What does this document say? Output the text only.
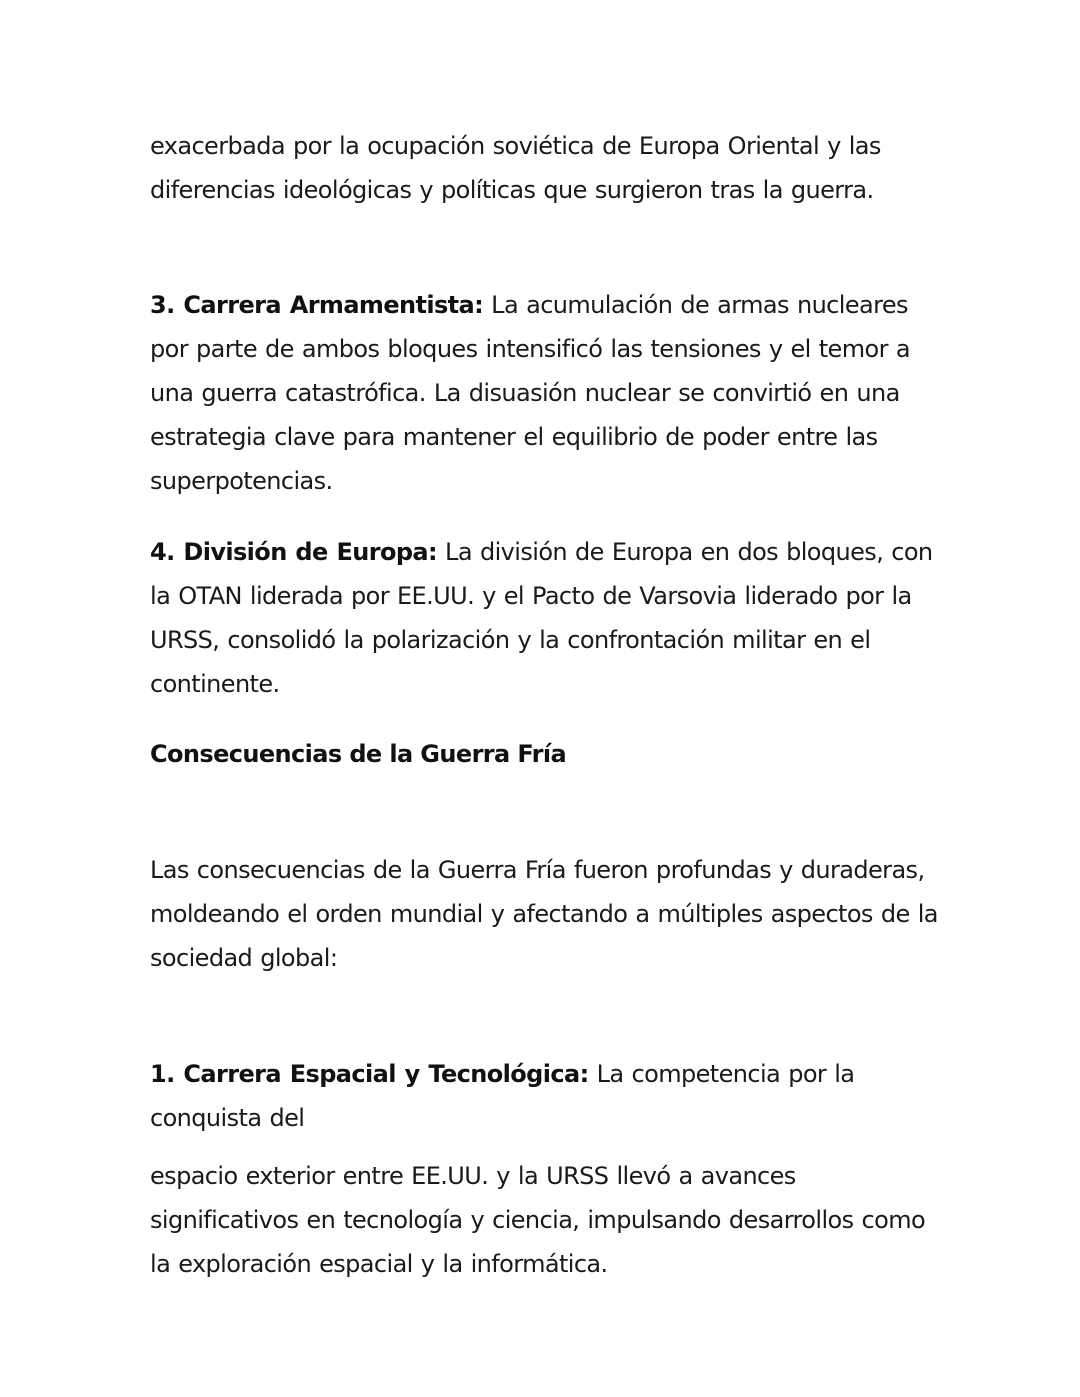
exacerbada por la ocupación soviética de Europa Oriental y las diferencias ideológicas y políticas que surgieron tras la guerra.

3. Carrera Armamentista: La acumulación de armas nucleares por parte de ambos bloques intensificó las tensiones y el temor a una guerra catastrófica. La disuasión nuclear se convirtió en una estrategia clave para mantener el equilibrio de poder entre las superpotencias.

4. División de Europa: La división de Europa en dos bloques, con la OTAN liderada por EE.UU. y el Pacto de Varsovia liderado por la URSS, consolidó la polarización y la confrontación militar en el continente.

Consecuencias de la Guerra Fría

Las consecuencias de la Guerra Fría fueron profundas y duraderas, moldeando el orden mundial y afectando a múltiples aspectos de la sociedad global:

1. Carrera Espacial y Tecnológica: La competencia por la conquista del
espacio exterior entre EE.UU. y la URSS llevó a avances significativos en tecnología y ciencia, impulsando desarrollos como la exploración espacial y la informática.
